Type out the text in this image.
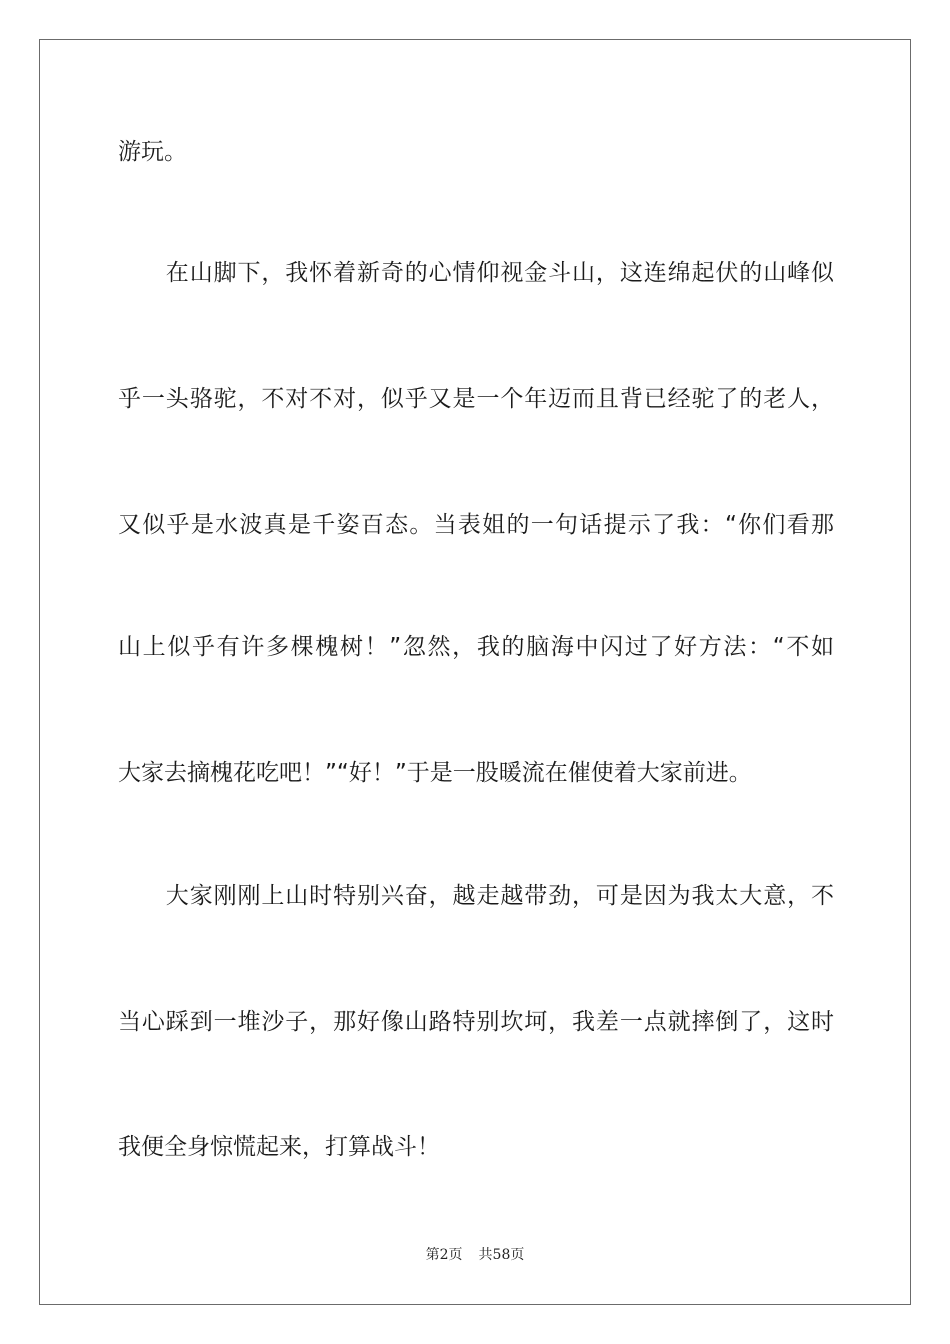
游玩。
　　在山脚下，我怀着新奇的心情仰视金斗山，这连绵起伏的山峰似
乎一头骆驼，不对不对，似乎又是一个年迈而且背已经驼了的老人，
又似乎是水波真是千姿百态。当表姐的一句话提示了我：“你们看那
山上似乎有许多棵槐树！”忽然，我的脑海中闪过了好方法：“不如
大家去摘槐花吃吧！”“好！”于是一股暖流在催使着大家前进。
　　大家刚刚上山时特别兴奋，越走越带劲，可是因为我太大意，不
当心踩到一堆沙子，那好像山路特别坎坷，我差一点就摔倒了，这时
我便全身惊慌起来，打算战斗！
第2页 共58页
